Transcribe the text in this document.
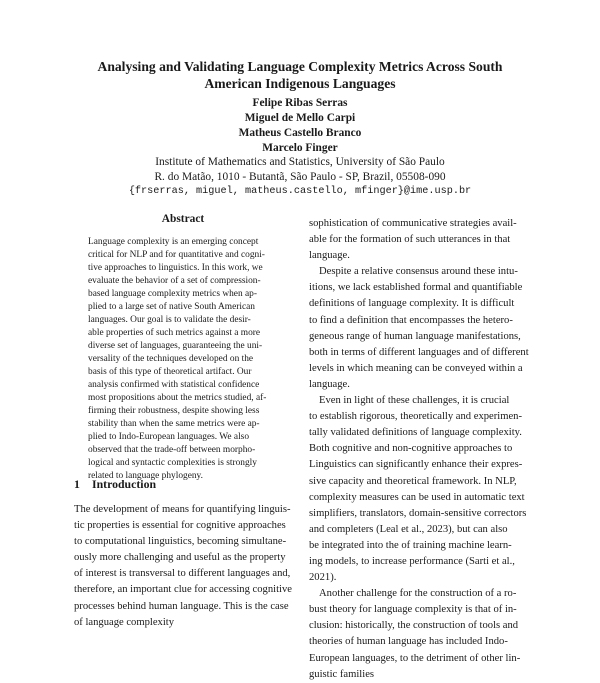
Analysing and Validating Language Complexity Metrics Across South
American Indigenous Languages
Felipe Ribas Serras
Miguel de Mello Carpi
Matheus Castello Branco
Marcelo Finger
Institute of Mathematics and Statistics, University of São Paulo
R. do Matão, 1010 - Butantã, São Paulo - SP, Brazil, 05508-090
{frserras, miguel, matheus.castello, mfinger}@ime.usp.br
Abstract
Language complexity is an emerging concept
critical for NLP and for quantitative and cogni-
tive approaches to linguistics. In this work, we
evaluate the behavior of a set of compression-
based language complexity metrics when ap-
plied to a large set of native South American
languages. Our goal is to validate the desir-
able properties of such metrics against a more
diverse set of languages, guaranteeing the uni-
versality of the techniques developed on the
basis of this type of theoretical artifact. Our
analysis confirmed with statistical confidence
most propositions about the metrics studied, af-
firming their robustness, despite showing less
stability than when the same metrics were ap-
plied to Indo-European languages. We also
observed that the trade-off between morpho-
logical and syntactic complexities is strongly
related to language phylogeny.
1 Introduction
The development of means for quantifying linguis-
tic properties is essential for cognitive approaches
to computational linguistics, becoming simultane-
ously more challenging and useful as the property
of interest is transversal to different languages and,
therefore, an important clue for accessing cognitive
processes behind human language. This is the case
of language complexity
sophistication of communicative strategies avail-
able for the formation of such utterances in that
language.
Despite a relative consensus around these intu-
itions, we lack established formal and quantifiable
definitions of language complexity. It is difficult
to find a definition that encompasses the hetero-
geneous range of human language manifestations,
both in terms of different languages and of different
levels in which meaning can be conveyed within a
language.
Even in light of these challenges, it is crucial
to establish rigorous, theoretically and experimen-
tally validated definitions of language complexity.
Both cognitive and non-cognitive approaches to
Linguistics can significantly enhance their expres-
sive capacity and theoretical framework. In NLP,
complexity measures can be used in automatic text
simplifiers, translators, domain-sensitive correctors
and completers (Leal et al., 2023), but can also
be integrated into the of training machine learn-
ing models, to increase performance (Sarti et al.,
2021).
Another challenge for the construction of a ro-
bust theory for language complexity is that of in-
clusion: historically, the construction of tools and
theories of human language has included Indo-
European languages, to the detriment of other lin-
guistic families
